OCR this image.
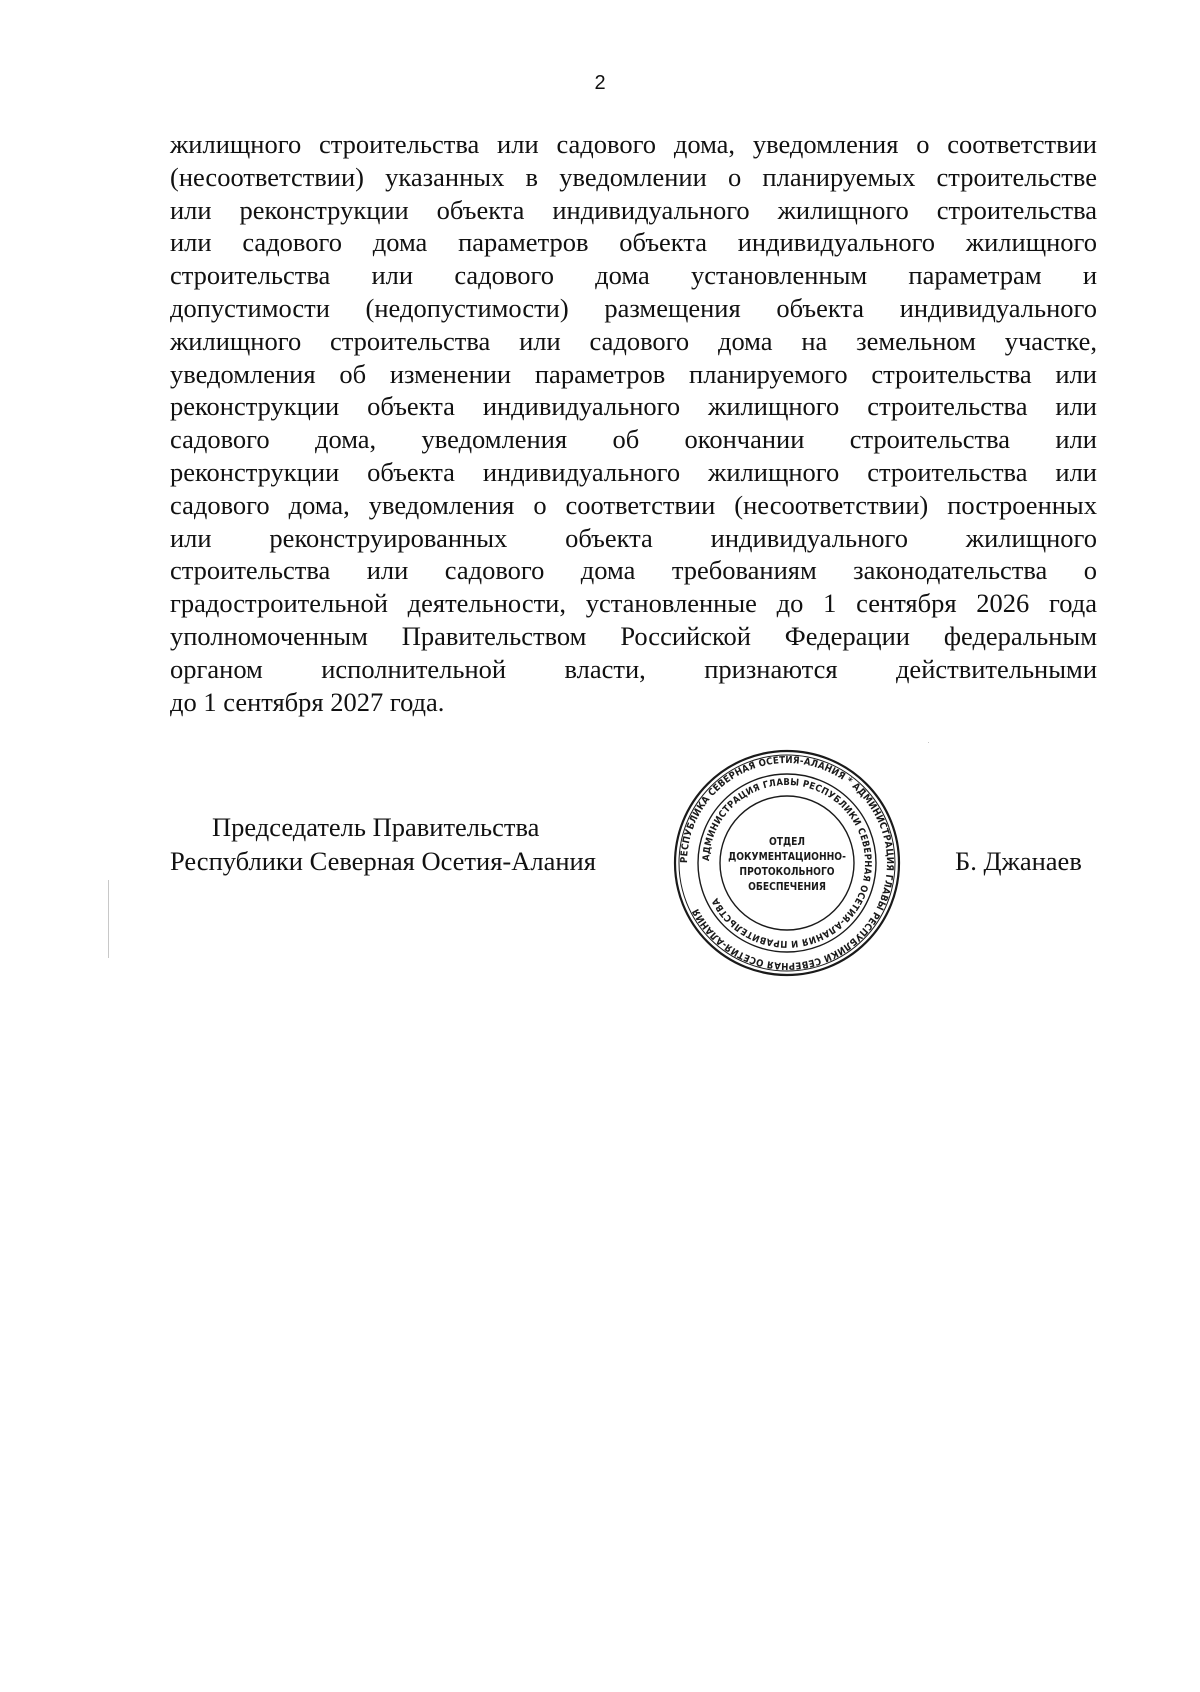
2
жилищного строительства или садового дома, уведомления о соответствии
(несоответствии) указанных в уведомлении о планируемых строительстве
или реконструкции объекта индивидуального жилищного строительства
или садового дома параметров объекта индивидуального жилищного
строительства или садового дома установленным параметрам и
допустимости (недопустимости) размещения объекта индивидуального
жилищного строительства или садового дома на земельном участке,
уведомления об изменении параметров планируемого строительства или
реконструкции объекта индивидуального жилищного строительства или
садового дома, уведомления об окончании строительства или
реконструкции объекта индивидуального жилищного строительства или
садового дома, уведомления о соответствии (несоответствии) построенных
или реконструированных объекта индивидуального жилищного
строительства или садового дома требованиям законодательства о
градостроительной деятельности, установленные до 1 сентября 2026 года
уполномоченным Правительством Российской Федерации федеральным
органом исполнительной власти, признаются действительными
до 1 сентября 2027 года.
Председатель Правительства
Республики Северная Осетия-Алания	РЕСПУБЛИКА СЕВЕРНАЯ ОСЕТИЯ-АЛАНИЯ * АДМИНИСТРАЦИЯ ГЛАВЫ РЕСПУБЛИКИ СЕВЕРНАЯ ОСЕТИЯ-АЛАНИЯ
АДМИНИСТРАЦИЯ ГЛАВЫ РЕСПУБЛИКИ СЕВЕРНАЯ ОСЕТИЯ-АЛАНИЯ И ПРАВИТЕЛЬСТВА
ОТДЕЛ
ДОКУМЕНТАЦИОННО-
ПРОТОКОЛЬНОГО
ОБЕСПЕЧЕНИЯ
Б. Джанаев
